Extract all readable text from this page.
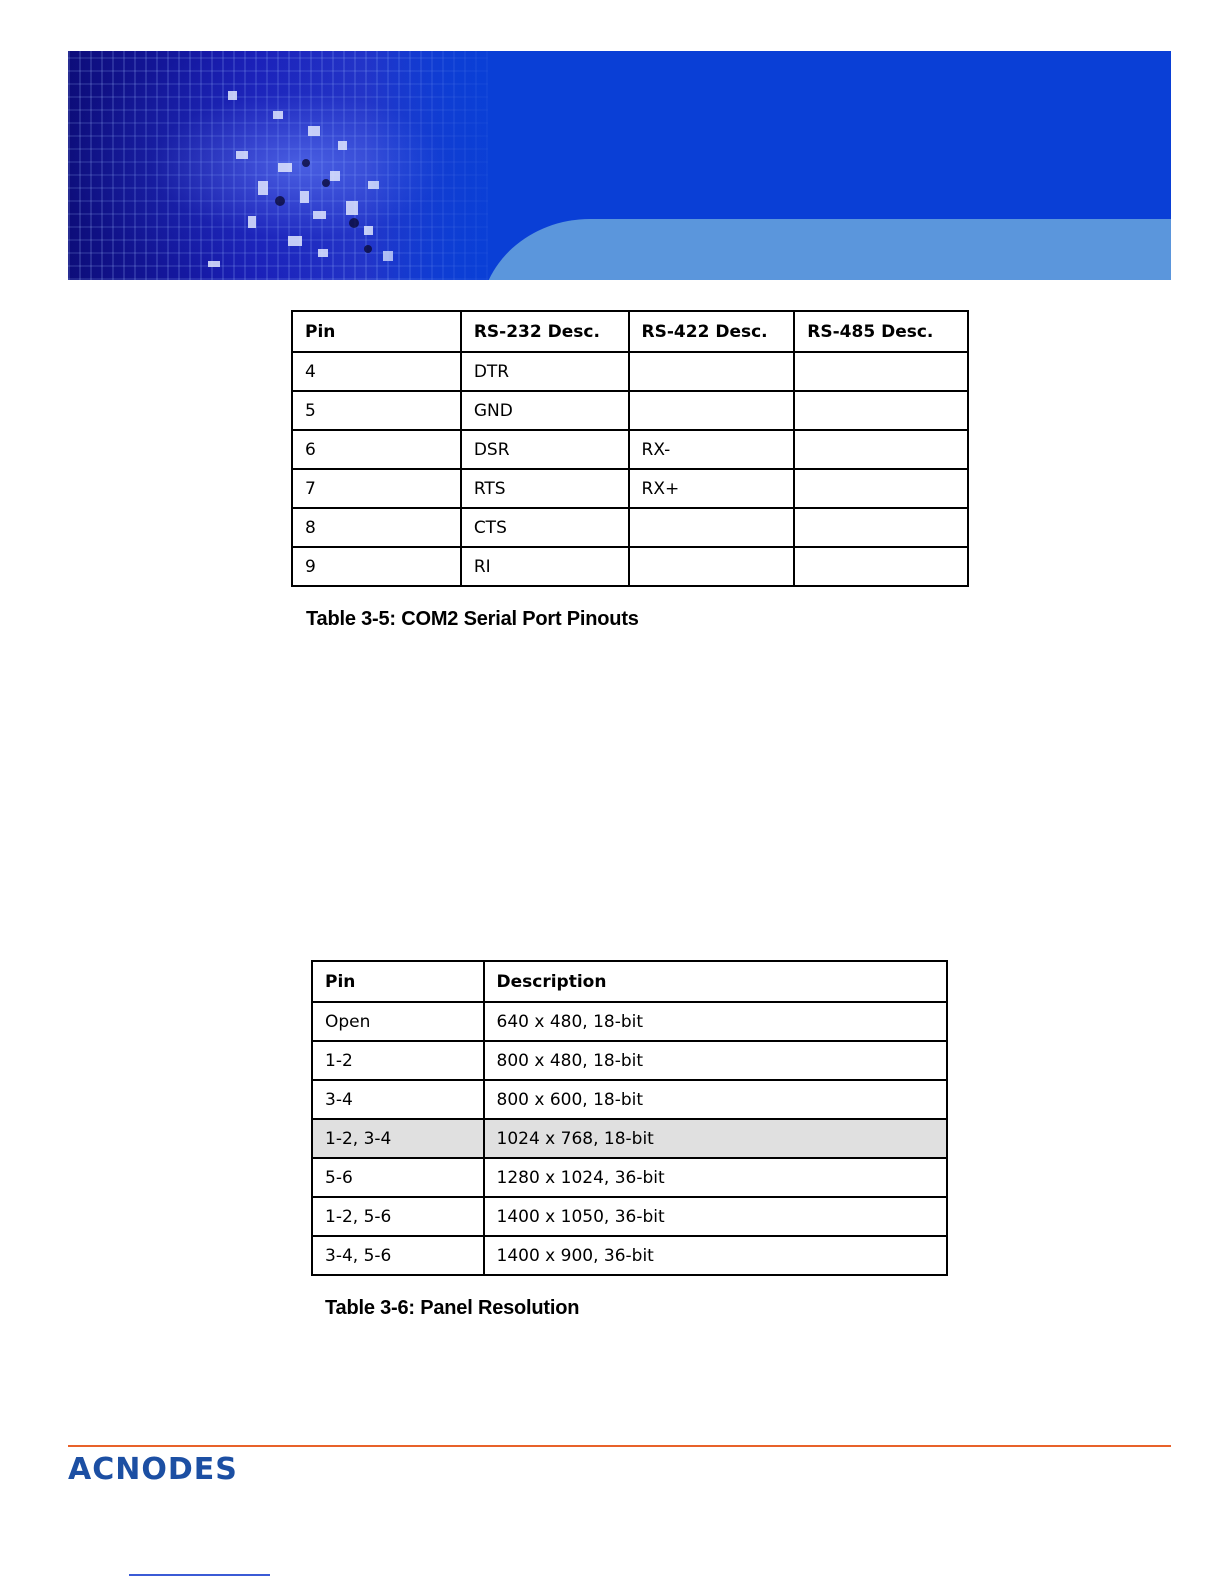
Pin	RS-232 Desc.	RS-422 Desc.	RS-485 Desc.
4	DTR		
5	GND		
6	DSR	RX-	
7	RTS	RX+	
8	CTS		
9	RI		
Table 3-5: COM2 Serial Port Pinouts
Pin	Description
Open	640 x 480, 18-bit
1-2	800 x 480, 18-bit
3-4	800 x 600, 18-bit
1-2, 3-4	1024 x 768, 18-bit
5-6	1280 x 1024, 36-bit
1-2, 5-6	1400 x 1050, 36-bit
3-4, 5-6	1400 x 900, 36-bit
Table 3-6: Panel Resolution
ACNODES
